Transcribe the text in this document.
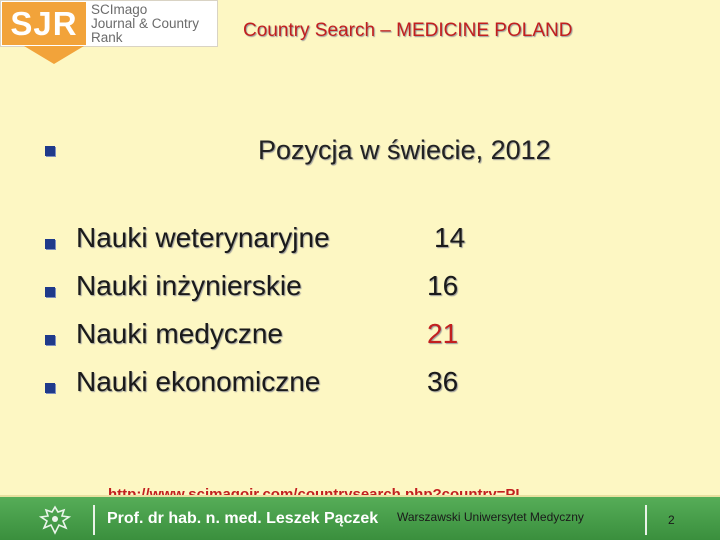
SJR SCImago
Journal & Country
Rank	Country Search – MEDICINE POLAND
Pozycja w świecie, 2012
Nauki weterynaryjne	14
Nauki inżynierskie	16
Nauki medyczne	21
Nauki ekonomiczne	36
Prof. dr hab. n. med. Leszek Pączek Warszawski Uniwersytet Medyczny	2
